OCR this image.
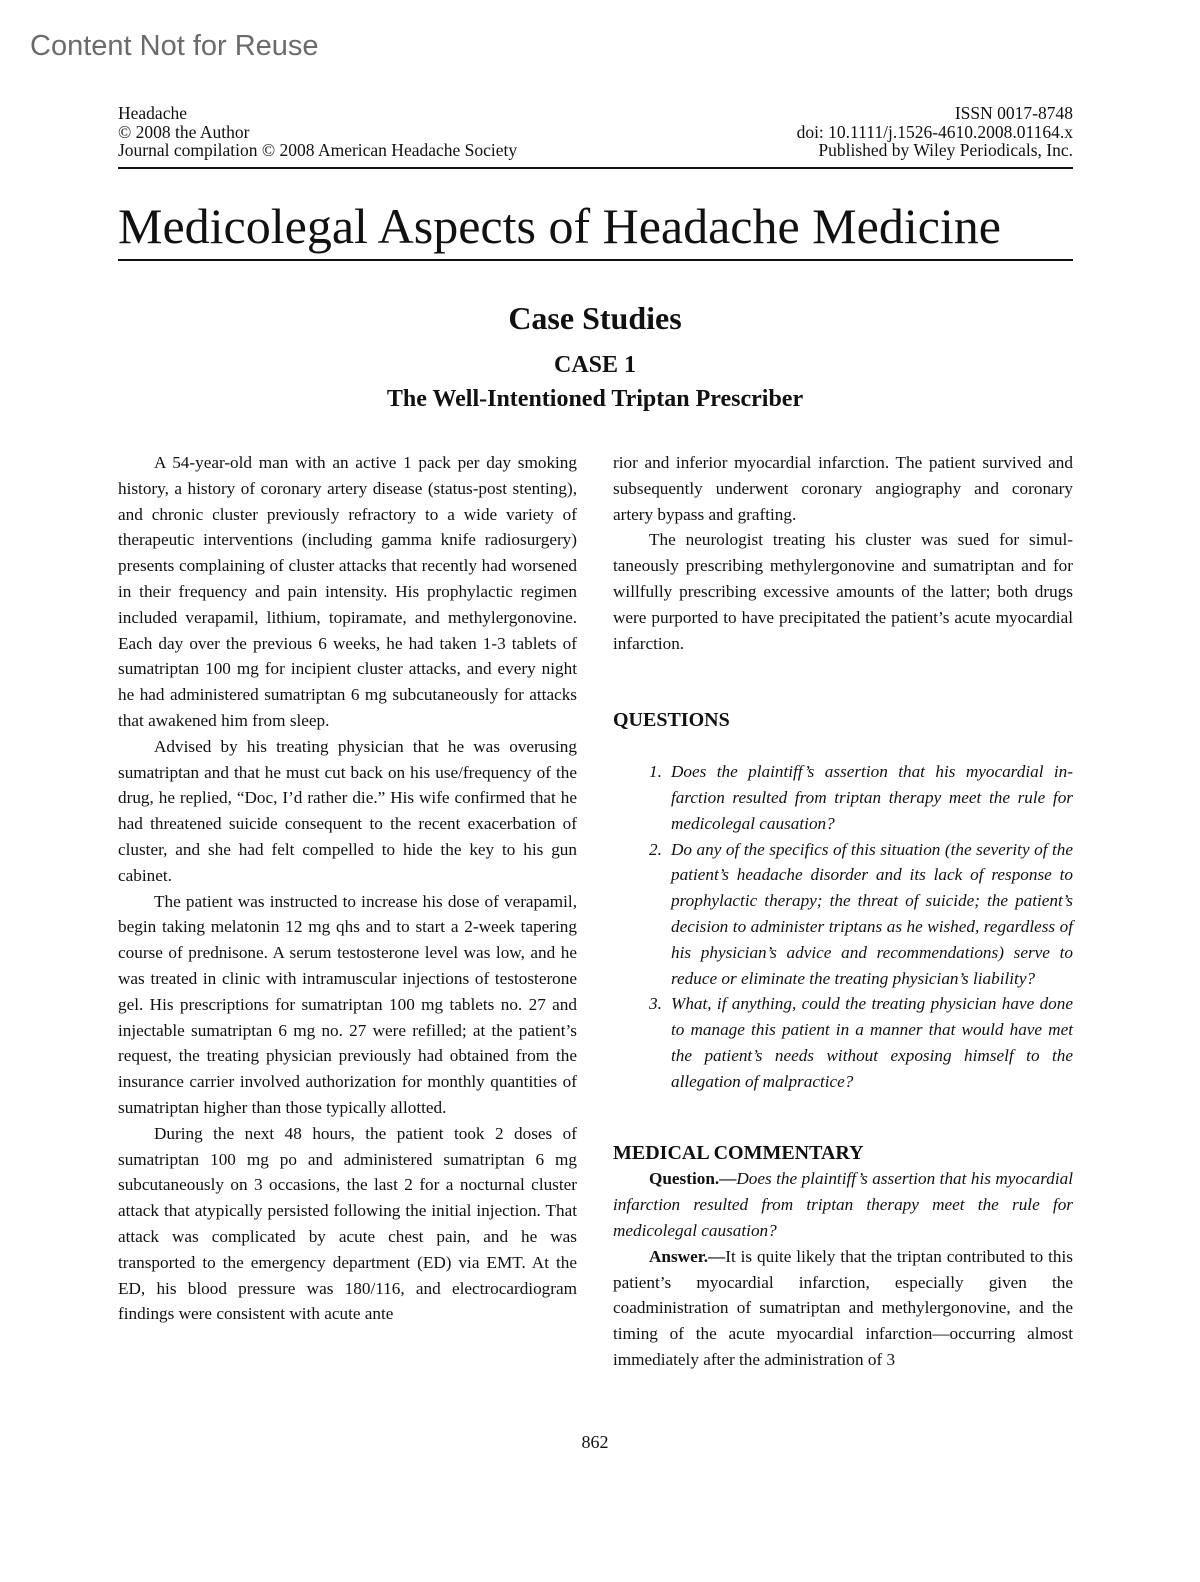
Content Not for Reuse
Headache
© 2008 the Author
Journal compilation © 2008 American Headache Society
ISSN 0017-8748
doi: 10.1111/j.1526-4610.2008.01164.x
Published by Wiley Periodicals, Inc.
Medicolegal Aspects of Headache Medicine
Case Studies
CASE 1
The Well-Intentioned Triptan Prescriber

A 54-year-old man with an active 1 pack per day smoking history, a history of coronary artery disease (status-post stenting), and chronic cluster previously refractory to a wide variety of therapeutic interventions (including gamma knife radiosurgery) presents complaining of cluster attacks that recently had worsened in their frequency and pain intensity. His prophylactic regimen included verapamil, lithium, topiramate, and methylergonovine. Each day over the previous 6 weeks, he had taken 1-3 tablets of sumatriptan 100 mg for incipient cluster attacks, and every night he had administered sumatriptan 6 mg subcutaneously for attacks that awakened him from sleep.

Advised by his treating physician that he was overusing sumatriptan and that he must cut back on his use/frequency of the drug, he replied, “Doc, I’d rather die.” His wife confirmed that he had threatened suicide consequent to the recent exacerbation of cluster, and she had felt compelled to hide the key to his gun cabinet.

The patient was instructed to increase his dose of verapamil, begin taking melatonin 12 mg qhs and to start a 2-week tapering course of prednisone. A serum testosterone level was low, and he was treated in clinic with intramuscular injections of testosterone gel. His prescriptions for sumatriptan 100 mg tablets no. 27 and injectable sumatriptan 6 mg no. 27 were refilled; at the patient’s request, the treating physician previously had obtained from the insurance carrier involved authorization for monthly quantities of sumatriptan higher than those typically allotted.

During the next 48 hours, the patient took 2 doses of sumatriptan 100 mg po and administered sumatriptan 6 mg subcutaneously on 3 occasions, the last 2 for a nocturnal cluster attack that atypically persisted following the initial injection. That attack was complicated by acute chest pain, and he was transported to the emergency department (ED) via EMT. At the ED, his blood pressure was 180/116, and electrocardiogram findings were consistent with acute ante

rior and inferior myocardial infarction. The patient survived and subsequently underwent coronary angiography and coronary artery bypass and grafting.

The neurologist treating his cluster was sued for simultaneously prescribing methylergonovine and sumatriptan and for willfully prescribing excessive amounts of the latter; both drugs were purported to have precipitated the patient’s acute myocardial infarction.

QUESTIONS
1. Does the plaintiff’s assertion that his myocardial infarction resulted from triptan therapy meet the rule for medicolegal causation?
2. Do any of the specifics of this situation (the severity of the patient’s headache disorder and its lack of response to prophylactic therapy; the threat of suicide; the patient’s decision to administer triptans as he wished, regardless of his physician’s advice and recommendations) serve to reduce or eliminate the treating physician’s liability?
3. What, if anything, could the treating physician have done to manage this patient in a manner that would have met the patient’s needs without exposing himself to the allegation of malpractice?
MEDICAL COMMENTARY

Question.—Does the plaintiff’s assertion that his myocardial infarction resulted from triptan therapy meet the rule for medicolegal causation?

Answer.—It is quite likely that the triptan contributed to this patient’s myocardial infarction, especially given the coadministration of sumatriptan and methylergonovine, and the timing of the acute myocardial infarction—occurring almost immediately after the administration of 3

862
